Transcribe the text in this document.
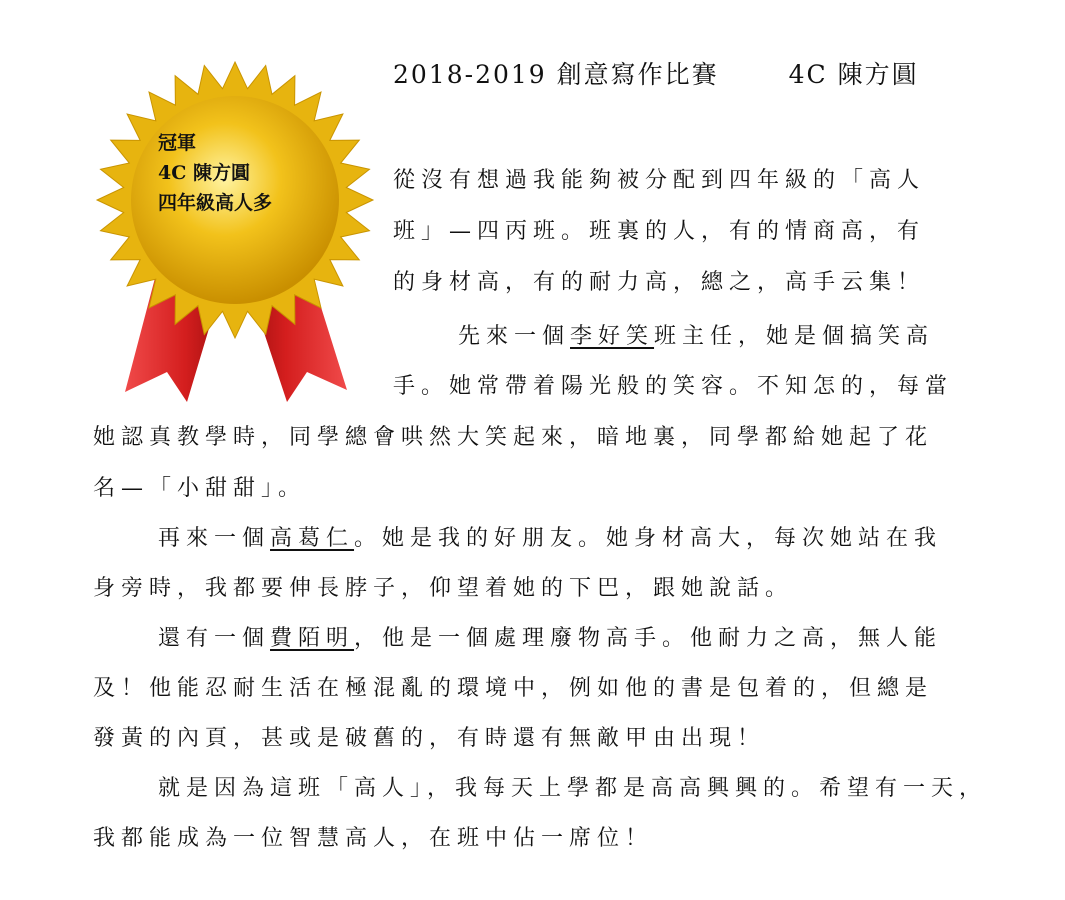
冠軍
4C 陳方圓
四年級高人多
2018-2019 創意寫作比賽	4C 陳方圓
從沒有想過我能夠被分配到四年級的「高人
班」—四丙班。班裏的人，有的情商高，有
的身材高，有的耐力高，總之，高手云集！
先來一個李好笑班主任，她是個搞笑高
手。她常帶着陽光般的笑容。不知怎的，每當
她認真教學時，同學總會哄然大笑起來，暗地裏，同學都給她起了花
名—「小甜甜」。
再來一個高葛仁。她是我的好朋友。她身材高大，每次她站在我
身旁時，我都要伸長脖子，仰望着她的下巴，跟她說話。
還有一個費陌明，他是一個處理廢物高手。他耐力之高，無人能
及！他能忍耐生活在極混亂的環境中，例如他的書是包着的，但總是
發黃的內頁，甚或是破舊的，有時還有無敵甲由出現！
就是因為這班「高人」，我每天上學都是高高興興的。希望有一天，
我都能成為一位智慧高人，在班中佔一席位！
